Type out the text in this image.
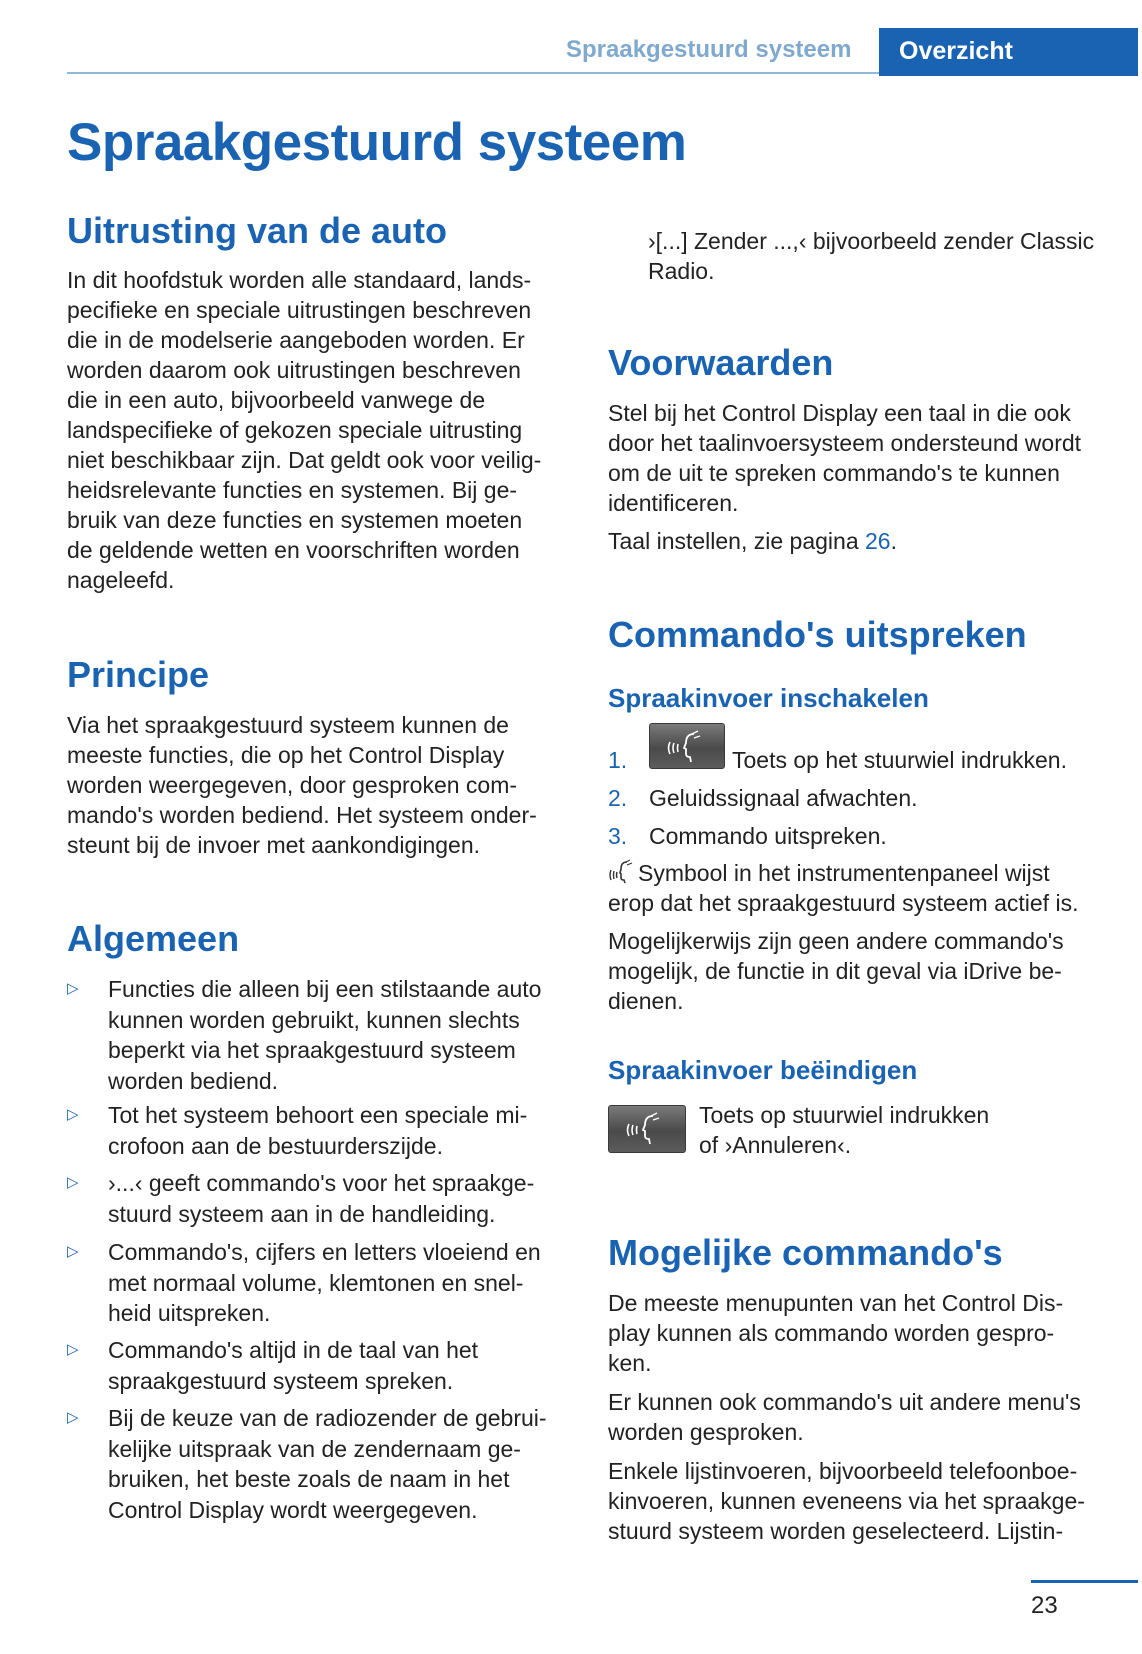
Spraakgestuurd systeem Overzicht
Spraakgestuurd systeem
Uitrusting van de auto

In dit hoofdstuk worden alle standaard, lands-

pecifieke en speciale uitrustingen beschreven

die in de modelserie aangeboden worden. Er

worden daarom ook uitrustingen beschreven

die in een auto, bijvoorbeeld vanwege de

landspecifieke of gekozen speciale uitrusting

niet beschikbaar zijn. Dat geldt ook voor veilig-

heidsrelevante functies en systemen. Bij ge-

bruik van deze functies en systemen moeten

de geldende wetten en voorschriften worden

nageleefd.

Principe

Via het spraakgestuurd systeem kunnen de

meeste functies, die op het Control Display

worden weergegeven, door gesproken com-

mando's worden bediend. Het systeem onder-

steunt bij de invoer met aankondigingen.

Algemeen
▷ Functies die alleen bij een stilstaande auto
kunnen worden gebruikt, kunnen slechts
beperkt via het spraakgestuurd systeem
worden bediend.
▷ Tot het systeem behoort een speciale mi-
crofoon aan de bestuurderszijde.
▷ ›...‹ geeft commando's voor het spraakge-
stuurd systeem aan in de handleiding.
▷ Commando's, cijfers en letters vloeiend en
met normaal volume, klemtonen en snel-
heid uitspreken.
▷ Commando's altijd in de taal van het
spraakgestuurd systeem spreken.
▷ Bij de keuze van de radiozender de gebrui-
kelijke uitspraak van de zendernaam ge-
bruiken, het beste zoals de naam in het
Control Display wordt weergegeven.

›[...] Zender ...,‹ bijvoorbeeld zender Classic

Radio.

Voorwaarden

Stel bij het Control Display een taal in die ook

door het taalinvoersysteem ondersteund wordt

om de uit te spreken commando's te kunnen

identificeren.

Taal instellen, zie pagina 26.

Commando's uitspreken
Spraakinvoer inschakelen
1.	Toets op het stuurwiel indrukken.
2. Geluidssignaal afwachten.
3. Commando uitspreken.

Symbool in het instrumentenpaneel wijst

erop dat het spraakgestuurd systeem actief is.

Mogelijkerwijs zijn geen andere commando's

mogelijk, de functie in dit geval via iDrive be-

dienen.

Spraakinvoer beëindigen

Toets op stuurwiel indrukken

of ›Annuleren‹.

Mogelijke commando's

De meeste menupunten van het Control Dis-

play kunnen als commando worden gespro-

ken.

Er kunnen ook commando's uit andere menu's

worden gesproken.

Enkele lijstinvoeren, bijvoorbeeld telefoonboe-

kinvoeren, kunnen eveneens via het spraakge-

stuurd systeem worden geselecteerd. Lijstin-

23
